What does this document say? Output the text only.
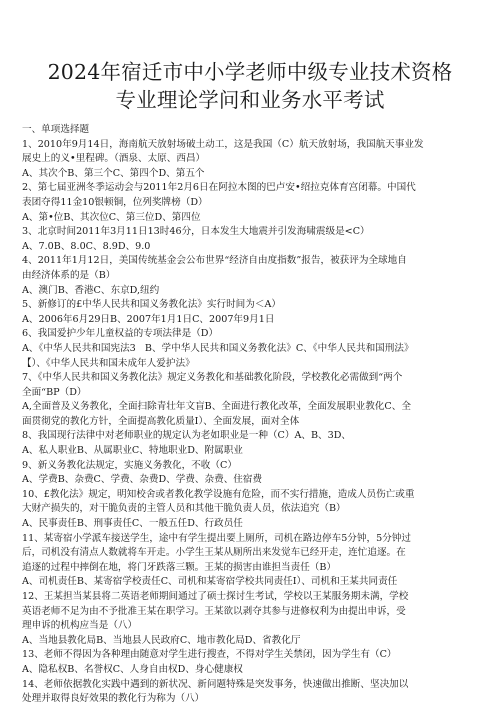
2024年宿迁市中小学老师中级专业技术资格
专业理论学问和业务水平考试

一、单项选择题

1、2010年9月14日，海南航天放射场破土动工，这是我国（C）航天放射场，我国航天事业发

展史上的义•里程碑。（酒泉、太原、西昌）

A、其次个B、第三个C、第四个D、第五个

2、第七届亚洲冬季运动会与2011年2月6日在阿拉木图的巴卢安•绍拉克体育宫闭幕。中国代

表团夺得11金10银顿铜，位列奖牌榜（D）

A、第•位B、其次位C、第三位D、第四位

3、北京时间2011年3月11日13时46分，日本发生大地震并引发海啸震级是<C）

A、7.0B、8.0C、8.9D、9.0

4、2011年1月12日，美国传统基金会公布世界“经济自由度指数”报告，被获评为全球地自

由经济体系的是（B）

A、澳门B、香港C、东京D,纽约

5、新修订的£中华人民共和国义务教化法》实行时间为＜A）

A、2006年6月29日B、2007年1月1日C、2007年9月1日

6、我国爱护少年儿童权益的专项法律是（D）

A、《中华人民共和国宪法3   B、学中华人民共和国义务教化法》C、《中华人民共和国刑法》

【）、《中华人民共和国未成年人爱护法》

7、《中华人民共和国义务教化法》规定义务教化和基础教化阶段，学校教化必需做到“两个

全面“BP（D）

A,全面普及义务教化，全面扫除青壮年文盲B、全面进行教化改革，全面发展职业教化C、全

面贯彻党的教化方针，全面提高教化质量I）、全面发展，面对全体

8、我国现行法律中对老师职业的规定认为老如职业是一种（C）A、B、3D、

A、私人职业B、从属职业C、特地职业D、附属职业

9、新义务教化法规定，实施义务教化，不收（C）

A、学费B、杂费C、学费、杂费D、学费、杂费、住宿费

10、£教化法》规定，明知校舍或者教化教学设施有危险，而不实行措施，造成人员伤亡或重

大财产损失的，对干脆负责的主管人员和其他干脆负责人员，依法追究（B）

A、民事责任B、刑事责任C、一般五任D、行政员任

11、某寄宿小学派车接送学生，途中有学生提出要上厕所，司机在路边停车5分钟，5分钟过

后，司机没有清点人数就将车开走。小学生王某从厕所出来发觉车已经开走，连忙追逐。在

追逐的过程中摔倒在地，将门牙跌落三颗。王某的损害由谁担当责任（B）

A、司机责任B、某寄宿学校责任C、司机和某寄宿学校共同责任I）、司机和王某共同责任

12、王某担当某县将二英语老师期间通过了硕士探讨生考试，学校以王某服务期未满，学校

英语老师不足为由不予批准王某在职学习。王某欲以剥夺其参与进修权利为由提出申诉，受

理申诉的机构应当是（八）

A、当地县教化局B、当地县人民政府C、地市教化局D、省教化厅

13、老师不得因为各种理由随意对学生进行搜查，不得对学生关禁闭，因为学生有（C）

A、隐私权B、名誉权C、人身自由权D、身心健康权

14、老师依据教化实践中遇到的新状况、新问题特殊是突发事务，快速做出推断、坚决加以

处理并取得良好效果的教化行为称为（八）
